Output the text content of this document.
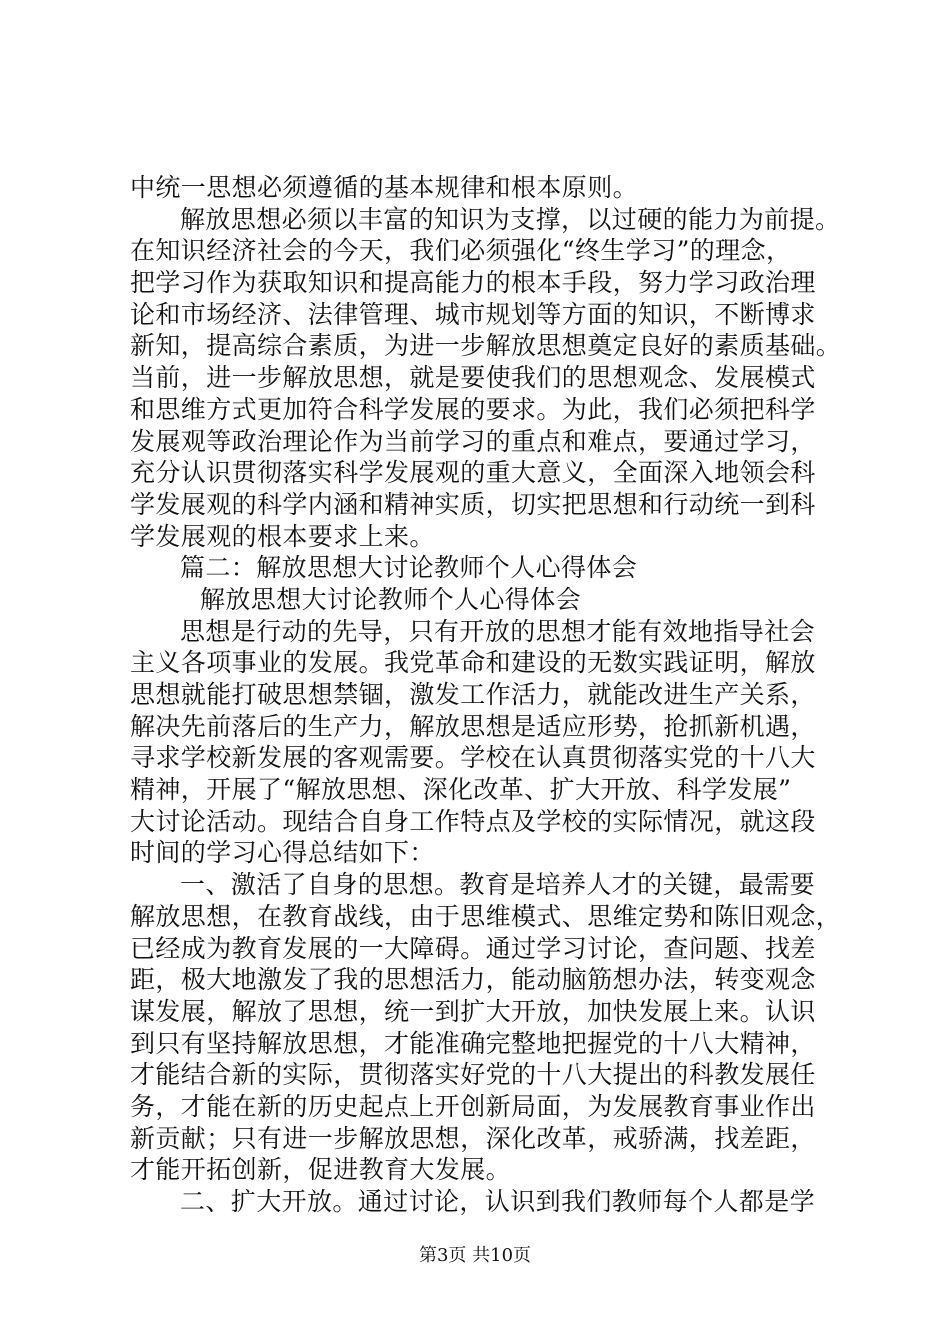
中统一思想必须遵循的基本规律和根本原则。
解放思想必须以丰富的知识为支撑，以过硬的能力为前提。
在知识经济社会的今天，我们必须强化“终生学习”的理念，
把学习作为获取知识和提高能力的根本手段，努力学习政治理
论和市场经济、法律管理、城市规划等方面的知识，不断博求
新知，提高综合素质，为进一步解放思想奠定良好的素质基础。
当前，进一步解放思想，就是要使我们的思想观念、发展模式
和思维方式更加符合科学发展的要求。为此，我们必须把科学
发展观等政治理论作为当前学习的重点和难点，要通过学习，
充分认识贯彻落实科学发展观的重大意义，全面深入地领会科
学发展观的科学内涵和精神实质，切实把思想和行动统一到科
学发展观的根本要求上来。
篇二：解放思想大讨论教师个人心得体会
解放思想大讨论教师个人心得体会
思想是行动的先导，只有开放的思想才能有效地指导社会
主义各项事业的发展。我党革命和建设的无数实践证明，解放
思想就能打破思想禁锢，激发工作活力，就能改进生产关系，
解决先前落后的生产力，解放思想是适应形势，抢抓新机遇，
寻求学校新发展的客观需要。学校在认真贯彻落实党的十八大
精神，开展了“解放思想、深化改革、扩大开放、科学发展”
大讨论活动。现结合自身工作特点及学校的实际情况，就这段
时间的学习心得总结如下：
一、激活了自身的思想。教育是培养人才的关键，最需要
解放思想，在教育战线，由于思维模式、思维定势和陈旧观念，
已经成为教育发展的一大障碍。通过学习讨论，查问题、找差
距，极大地激发了我的思想活力，能动脑筋想办法，转变观念
谋发展，解放了思想，统一到扩大开放，加快发展上来。认识
到只有坚持解放思想，才能准确完整地把握党的十八大精神，
才能结合新的实际，贯彻落实好党的十八大提出的科教发展任
务，才能在新的历史起点上开创新局面，为发展教育事业作出
新贡献；只有进一步解放思想，深化改革，戒骄满，找差距，
才能开拓创新，促进教育大发展。
二、扩大开放。通过讨论，认识到我们教师每个人都是学
第3页 共10页
